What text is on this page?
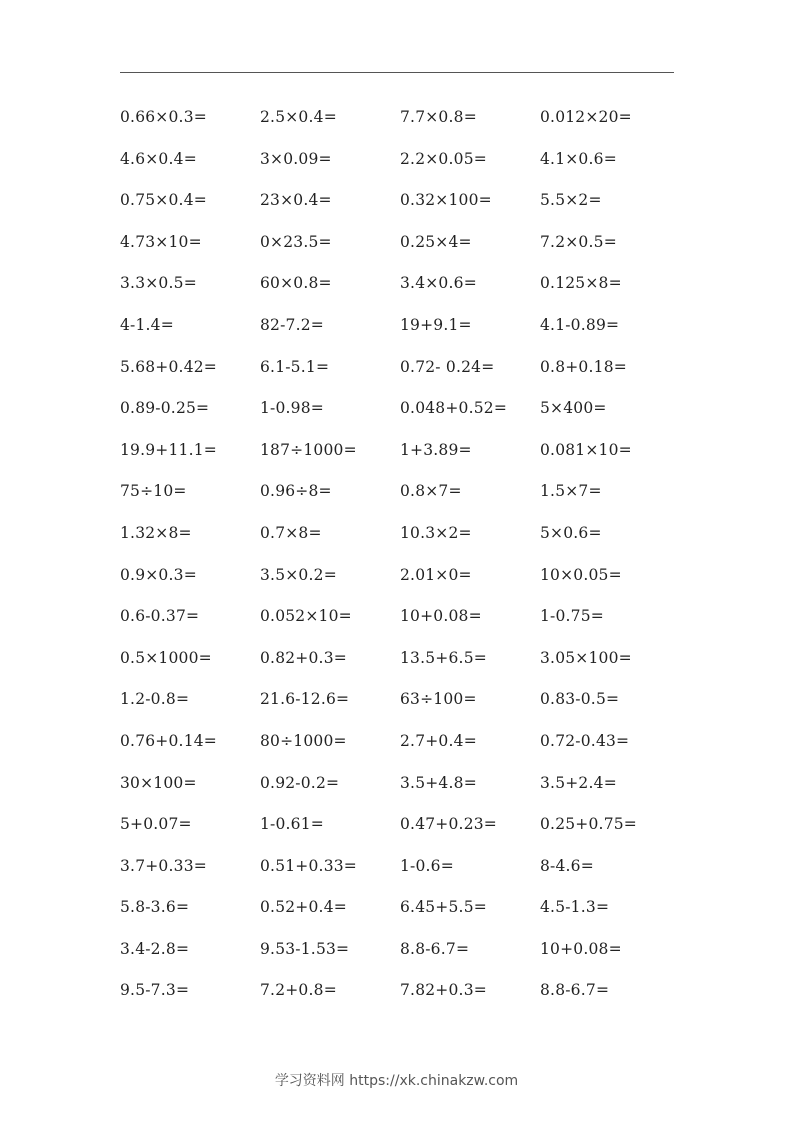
0.66×0.3=	2.5×0.4=	7.7×0.8=	0.012×20=
4.6×0.4=	3×0.09=	2.2×0.05=	4.1×0.6=
0.75×0.4=	23×0.4=	0.32×100=	5.5×2=
4.73×10=	0×23.5=	0.25×4=	7.2×0.5=
3.3×0.5=	60×0.8=	3.4×0.6=	0.125×8=
4-1.4=	82-7.2=	19+9.1=	4.1-0.89=
5.68+0.42=	6.1-5.1=	0.72- 0.24=	0.8+0.18=
0.89-0.25=	1-0.98=	0.048+0.52=	5×400=
19.9+11.1=	187÷1000=	1+3.89=	0.081×10=
75÷10=	0.96÷8=	0.8×7=	1.5×7=
1.32×8=	0.7×8=	10.3×2=	5×0.6=
0.9×0.3=	3.5×0.2=	2.01×0=	10×0.05=
0.6-0.37=	0.052×10=	10+0.08=	1-0.75=
0.5×1000=	0.82+0.3=	13.5+6.5=	3.05×100=
1.2-0.8=	21.6-12.6=	63÷100=	0.83-0.5=
0.76+0.14=	80÷1000=	2.7+0.4=	0.72-0.43=
30×100=	0.92-0.2=	3.5+4.8=	3.5+2.4=
5+0.07=	1-0.61=	0.47+0.23=	0.25+0.75=
3.7+0.33=	0.51+0.33=	1-0.6=	8-4.6=
5.8-3.6=	0.52+0.4=	6.45+5.5=	4.5-1.3=
3.4-2.8=	9.53-1.53=	8.8-6.7=	10+0.08=
9.5-7.3=	7.2+0.8=	7.82+0.3=	8.8-6.7=
学习资料网 https://xk.chinakzw.com
